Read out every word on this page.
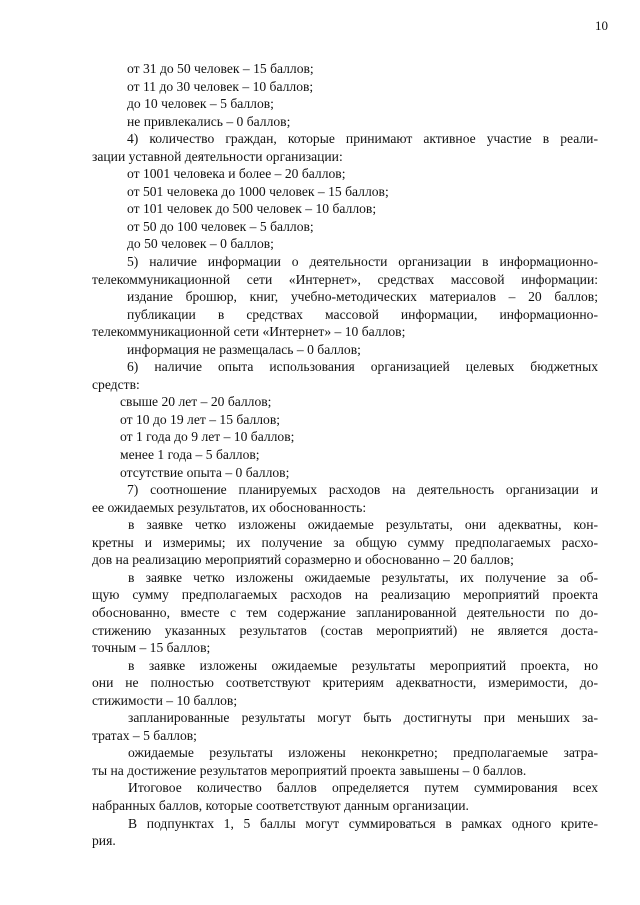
10
от 31 до 50 человек – 15 баллов;
от 11 до 30 человек – 10 баллов;
до 10 человек – 5 баллов;
не привлекались – 0 баллов;
4) количество граждан, которые принимают активное участие в реали-
зации уставной деятельности организации:
от 1001 человека и более – 20 баллов;
от 501 человека до 1000 человек – 15 баллов;
от 101 человек до 500 человек – 10 баллов;
от 50 до 100 человек – 5 баллов;
до 50 человек – 0 баллов;
5) наличие информации о деятельности организации в информационно-
телекоммуникационной сети «Интернет», средствах массовой информации:
издание брошюр, книг, учебно-методических материалов – 20 баллов;
публикации в средствах массовой информации, информационно-
телекоммуникационной сети «Интернет» – 10 баллов;
информация не размещалась – 0 баллов;
6) наличие опыта использования организацией целевых бюджетных
средств:
свыше 20 лет – 20 баллов;
от 10 до 19 лет – 15 баллов;
от 1 года до 9 лет – 10 баллов;
менее 1 года – 5 баллов;
отсутствие опыта – 0 баллов;
7) соотношение планируемых расходов на деятельность организации и
ее ожидаемых результатов, их обоснованность:
в заявке четко изложены ожидаемые результаты, они адекватны, кон-
кретны и измеримы; их получение за общую сумму предполагаемых расхо-
дов на реализацию мероприятий соразмерно и обоснованно – 20 баллов;
в заявке четко изложены ожидаемые результаты, их получение за об-
щую сумму предполагаемых расходов на реализацию мероприятий проекта
обоснованно, вместе с тем содержание запланированной деятельности по до-
стижению указанных результатов (состав мероприятий) не является доста-
точным – 15 баллов;
в заявке изложены ожидаемые результаты мероприятий проекта, но
они не полностью соответствуют критериям адекватности, измеримости, до-
стижимости – 10 баллов;
запланированные результаты могут быть достигнуты при меньших за-
тратах – 5 баллов;
ожидаемые результаты изложены неконкретно; предполагаемые затра-
ты на достижение результатов мероприятий проекта завышены – 0 баллов.
Итоговое количество баллов определяется путем суммирования всех
набранных баллов, которые соответствуют данным организации.
В подпунктах 1, 5 баллы могут суммироваться в рамках одного крите-
рия.
